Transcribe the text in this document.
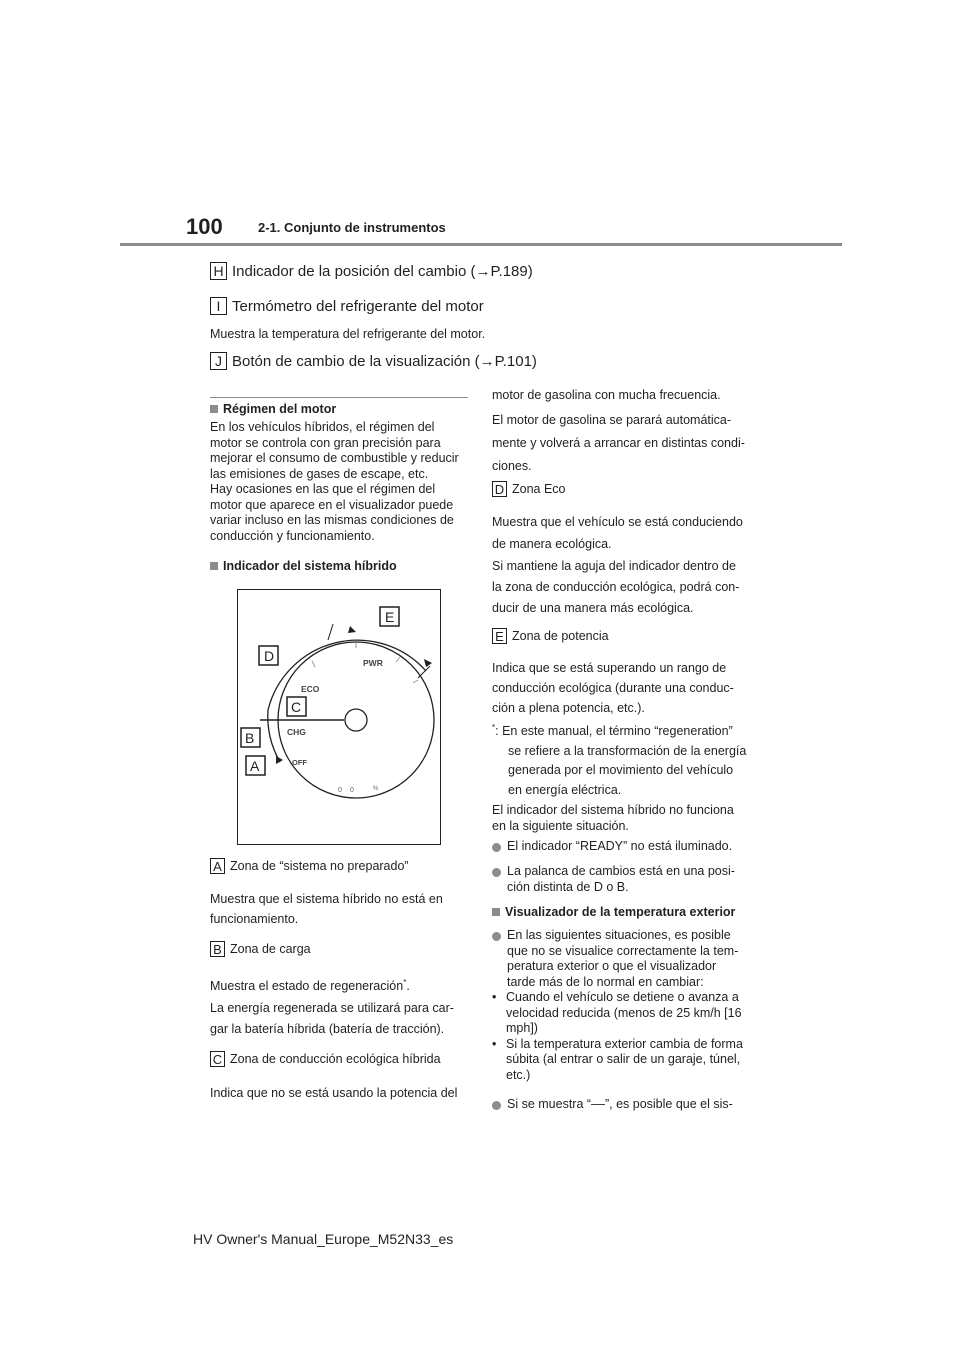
100	2-1. Conjunto de instrumentos
H Indicador de la posición del cambio (→P.189)
I Termómetro del refrigerante del motor
Muestra la temperatura del refrigerante del motor.
J Botón de cambio de la visualización (→P.101)
Régimen del motor
En los vehículos híbridos, el régimen del
motor se controla con gran precisión para
mejorar el consumo de combustible y reducir
las emisiones de gases de escape, etc.
Hay ocasiones en las que el régimen del
motor que aparece en el visualizador puede
variar incluso en las mismas condiciones de
conducción y funcionamiento.
Indicador del sistema híbrido
0 0	%
PWR
ECO
CHG
OFF
E
D
C
B
A
A Zona de “sistema no preparado”
Muestra que el sistema híbrido no está en
funcionamiento.
B Zona de carga
Muestra el estado de regeneración*.
La energía regenerada se utilizará para car-
gar la batería híbrida (batería de tracción).
C Zona de conducción ecológica híbrida
Indica que no se está usando la potencia del
motor de gasolina con mucha frecuencia.
El motor de gasolina se parará automática-
mente y volverá a arrancar en distintas condi-
ciones.
D Zona Eco
Muestra que el vehículo se está conduciendo
de manera ecológica.
Si mantiene la aguja del indicador dentro de
la zona de conducción ecológica, podrá con-
ducir de una manera más ecológica.
E Zona de potencia
Indica que se está superando un rango de
conducción ecológica (durante una conduc-
ción a plena potencia, etc.).
*: En este manual, el término “regeneration”
se refiere a la transformación de la energía
generada por el movimiento del vehículo
en energía eléctrica.
El indicador del sistema híbrido no funciona
en la siguiente situación.
El indicador “READY” no está iluminado.
La palanca de cambios está en una posi-
ción distinta de D o B.
Visualizador de la temperatura exterior
En las siguientes situaciones, es posible
que no se visualice correctamente la tem-
peratura exterior o que el visualizador
tarde más de lo normal en cambiar:
• Cuando el vehículo se detiene o avanza a
velocidad reducida (menos de 25 km/h [16
mph])
• Si la temperatura exterior cambia de forma
súbita (al entrar o salir de un garaje, túnel,
etc.)
Si se muestra “––”, es posible que el sis-
HV Owner's Manual_Europe_M52N33_es
